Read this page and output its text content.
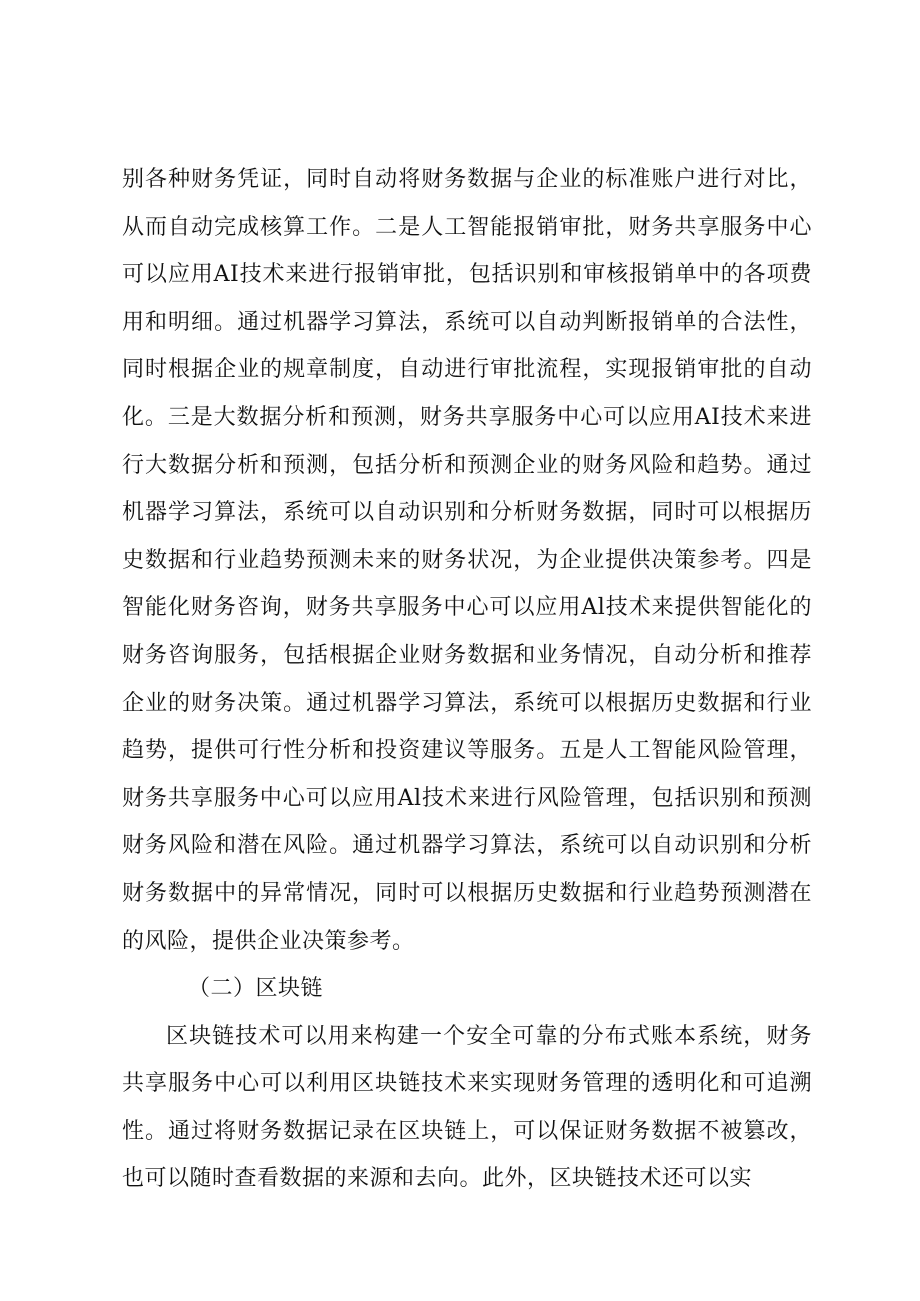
别各种财务凭证，同时自动将财务数据与企业的标准账户进行对比，从而自动完成核算工作。二是人工智能报销审批，财务共享服务中心可以应用AI技术来进行报销审批，包括识别和审核报销单中的各项费用和明细。通过机器学习算法，系统可以自动判断报销单的合法性，同时根据企业的规章制度，自动进行审批流程，实现报销审批的自动化。三是大数据分析和预测，财务共享服务中心可以应用AI技术来进行大数据分析和预测，包括分析和预测企业的财务风险和趋势。通过机器学习算法，系统可以自动识别和分析财务数据，同时可以根据历史数据和行业趋势预测未来的财务状况，为企业提供决策参考。四是智能化财务咨询，财务共享服务中心可以应用Al技术来提供智能化的财务咨询服务，包括根据企业财务数据和业务情况，自动分析和推荐企业的财务决策。通过机器学习算法，系统可以根据历史数据和行业趋势，提供可行性分析和投资建议等服务。五是人工智能风险管理，财务共享服务中心可以应用Al技术来进行风险管理，包括识别和预测财务风险和潜在风险。通过机器学习算法，系统可以自动识别和分析财务数据中的异常情况，同时可以根据历史数据和行业趋势预测潜在的风险，提供企业决策参考。

（二）区块链

区块链技术可以用来构建一个安全可靠的分布式账本系统，财务共享服务中心可以利用区块链技术来实现财务管理的透明化和可追溯性。通过将财务数据记录在区块链上，可以保证财务数据不被篡改，也可以随时查看数据的来源和去向。此外，区块链技术还可以实
